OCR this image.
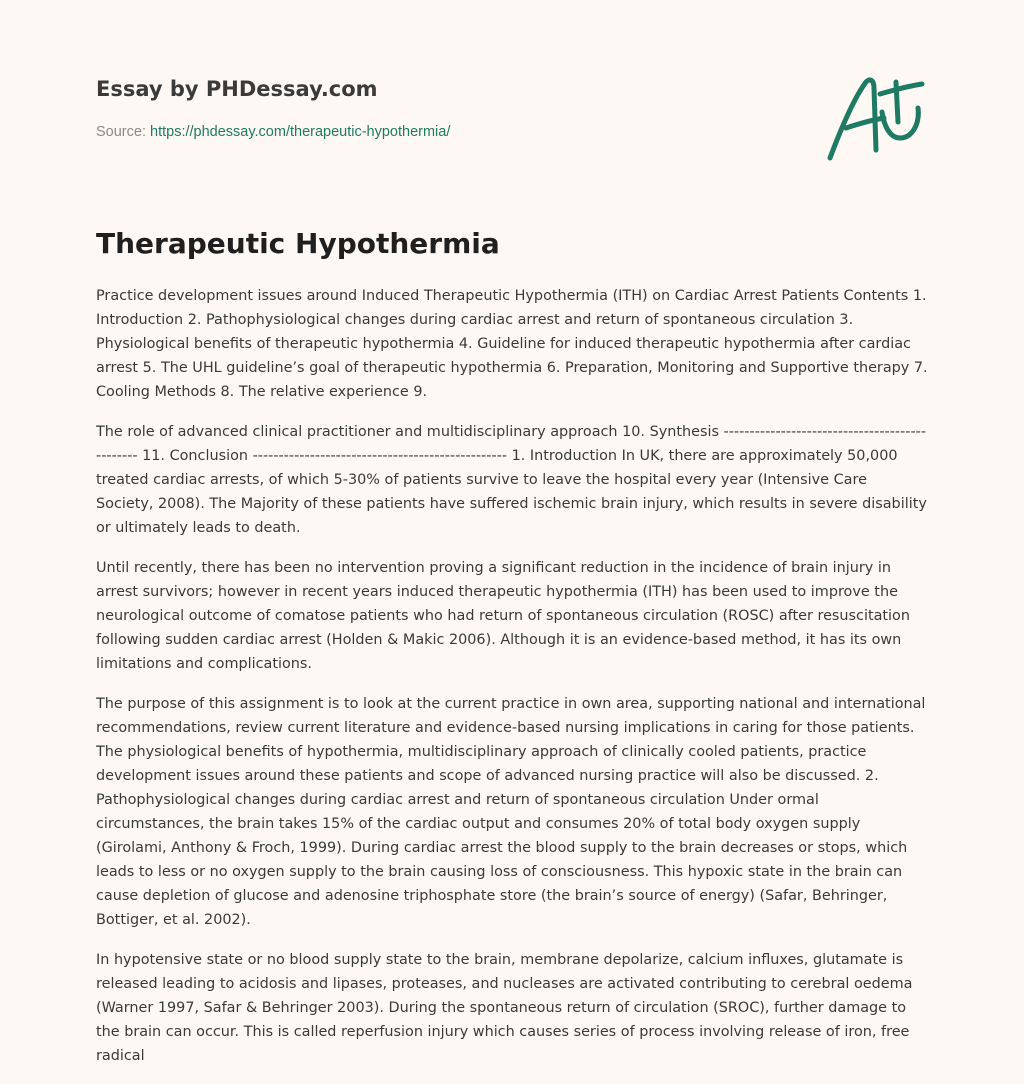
Essay by PHDessay.com
Source: https://phdessay.com/therapeutic-hypothermia/
Therapeutic Hypothermia

Practice development issues around Induced Therapeutic Hypothermia (ITH) on Cardiac Arrest Patients Contents 1. Introduction 2. Pathophysiological changes during cardiac arrest and return of spontaneous circulation 3. Physiological benefits of therapeutic hypothermia 4. Guideline for induced therapeutic hypothermia after cardiac arrest 5. The UHL guideline’s goal of therapeutic hypothermia 6. Preparation, Monitoring and Supportive therapy 7. Cooling Methods 8. The relative experience 9.

The role of advanced clinical practitioner and multidisciplinary approach 10. Synthesis ----------------------------------------------- 11. Conclusion ------------------------------------------------- 1. Introduction In UK, there are approximately 50,000 treated cardiac arrests, of which 5-30% of patients survive to leave the hospital every year (Intensive Care Society, 2008). The Majority of these patients have suffered ischemic brain injury, which results in severe disability or ultimately leads to death.

Until recently, there has been no intervention proving a significant reduction in the incidence of brain injury in arrest survivors; however in recent years induced therapeutic hypothermia (ITH) has been used to improve the neurological outcome of comatose patients who had return of spontaneous circulation (ROSC) after resuscitation following sudden cardiac arrest (Holden & Makic 2006). Although it is an evidence-based method, it has its own limitations and complications.

The purpose of this assignment is to look at the current practice in own area, supporting national and international recommendations, review current literature and evidence-based nursing implications in caring for those patients. The physiological benefits of hypothermia, multidisciplinary approach of clinically cooled patients, practice development issues around these patients and scope of advanced nursing practice will also be discussed. 2. Pathophysiological changes during cardiac arrest and return of spontaneous circulation Under ormal circumstances, the brain takes 15% of the cardiac output and consumes 20% of total body oxygen supply (Girolami, Anthony & Froch, 1999). During cardiac arrest the blood supply to the brain decreases or stops, which leads to less or no oxygen supply to the brain causing loss of consciousness. This hypoxic state in the brain can cause depletion of glucose and adenosine triphosphate store (the brain’s source of energy) (Safar, Behringer, Bottiger, et al. 2002).

In hypotensive state or no blood supply state to the brain, membrane depolarize, calcium influxes, glutamate is released leading to acidosis and lipases, proteases, and nucleases are activated contributing to cerebral oedema (Warner 1997, Safar & Behringer 2003). During the spontaneous return of circulation (SROC), further damage to the brain can occur. This is called reperfusion injury which causes series of process involving release of iron, free radical
